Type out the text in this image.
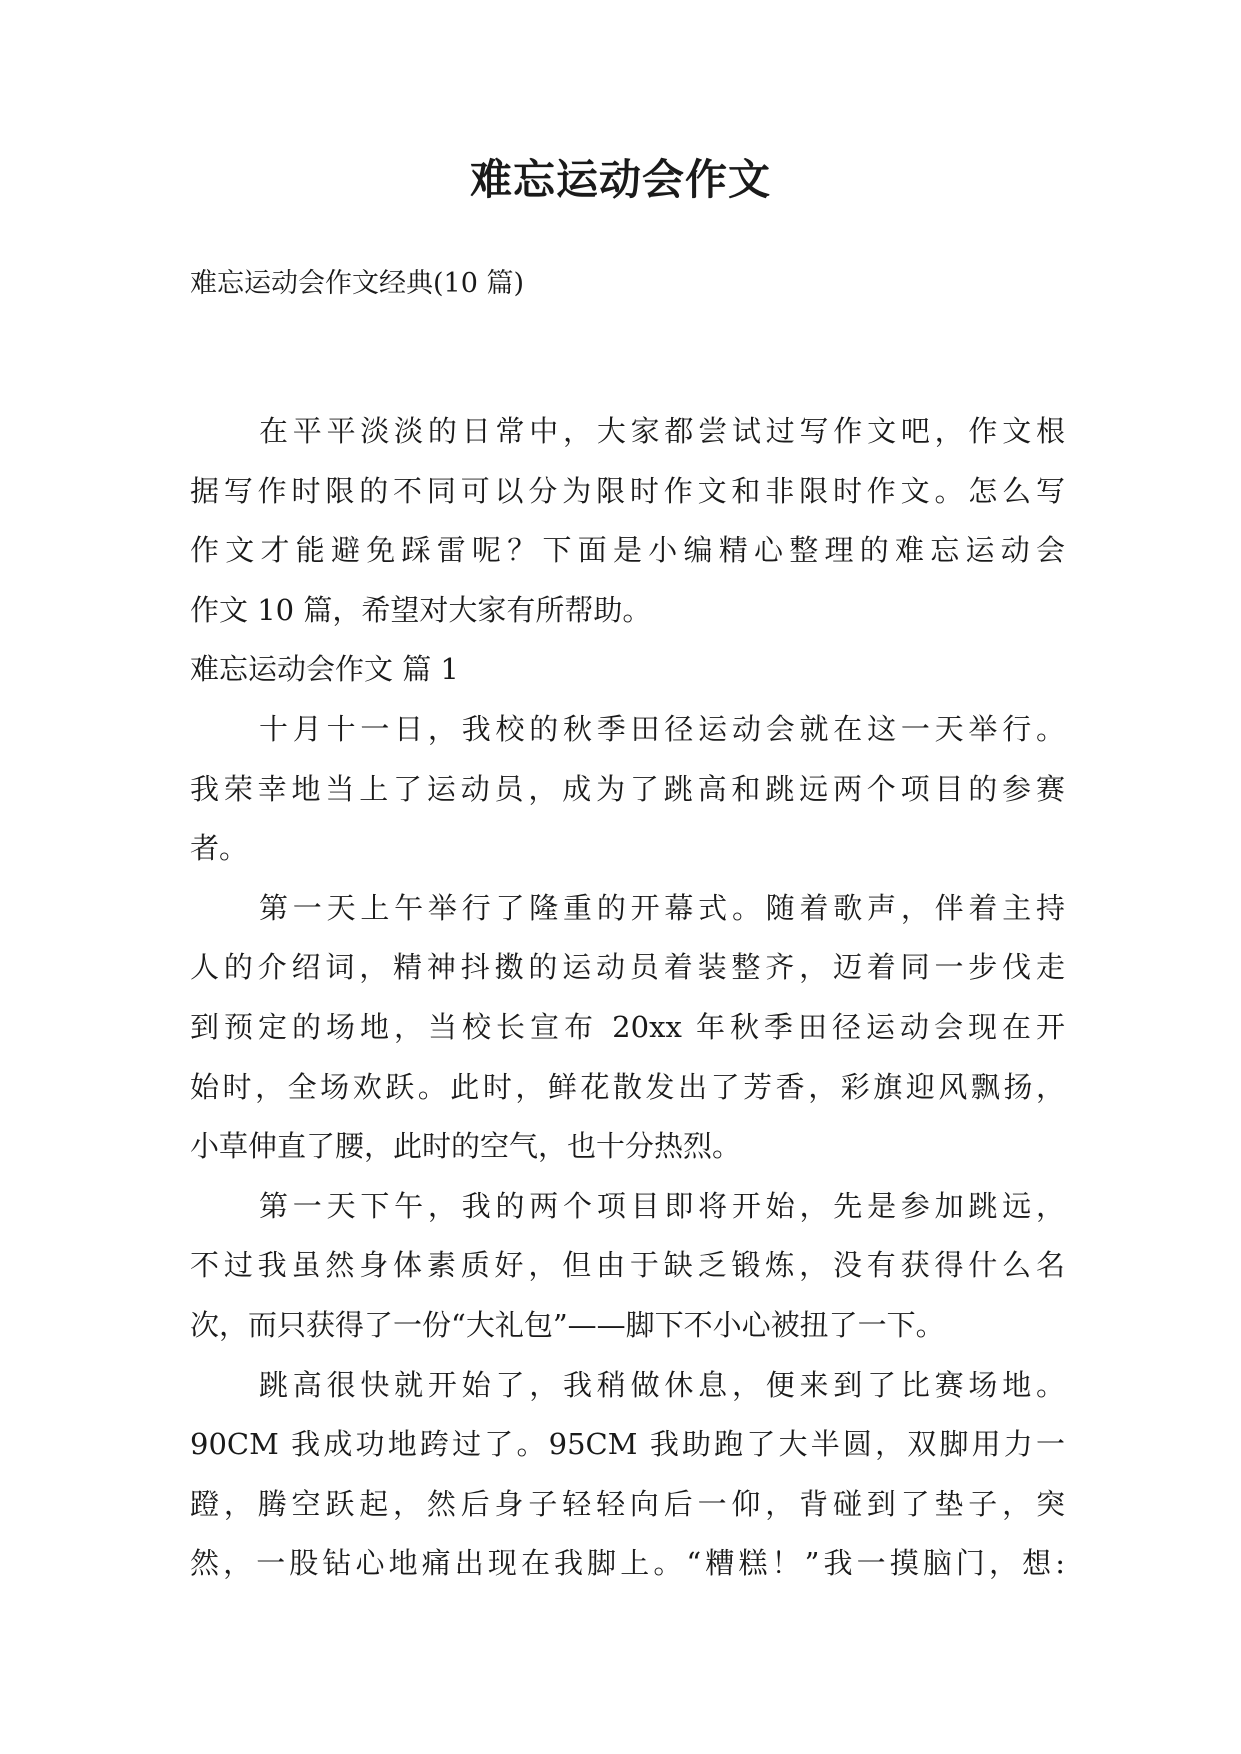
难忘运动会作文
难忘运动会作文经典(10 篇)
在平平淡淡的日常中，大家都尝试过写作文吧，作文根
据写作时限的不同可以分为限时作文和非限时作文。怎么写
作文才能避免踩雷呢？下面是小编精心整理的难忘运动会
作文 10 篇，希望对大家有所帮助。
难忘运动会作文 篇 1
十月十一日，我校的秋季田径运动会就在这一天举行。
我荣幸地当上了运动员，成为了跳高和跳远两个项目的参赛
者。
第一天上午举行了隆重的开幕式。随着歌声，伴着主持
人的介绍词，精神抖擞的运动员着装整齐，迈着同一步伐走
到预定的场地，当校长宣布 20xx 年秋季田径运动会现在开
始时，全场欢跃。此时，鲜花散发出了芳香，彩旗迎风飘扬，
小草伸直了腰，此时的空气，也十分热烈。
第一天下午，我的两个项目即将开始，先是参加跳远，
不过我虽然身体素质好，但由于缺乏锻炼，没有获得什么名
次，而只获得了一份“大礼包”——脚下不小心被扭了一下。
跳高很快就开始了，我稍做休息，便来到了比赛场地。
90CM 我成功地跨过了。95CM 我助跑了大半圆，双脚用力一
蹬，腾空跃起，然后身子轻轻向后一仰，背碰到了垫子，突
然，一股钻心地痛出现在我脚上。“糟糕！”我一摸脑门，想:
